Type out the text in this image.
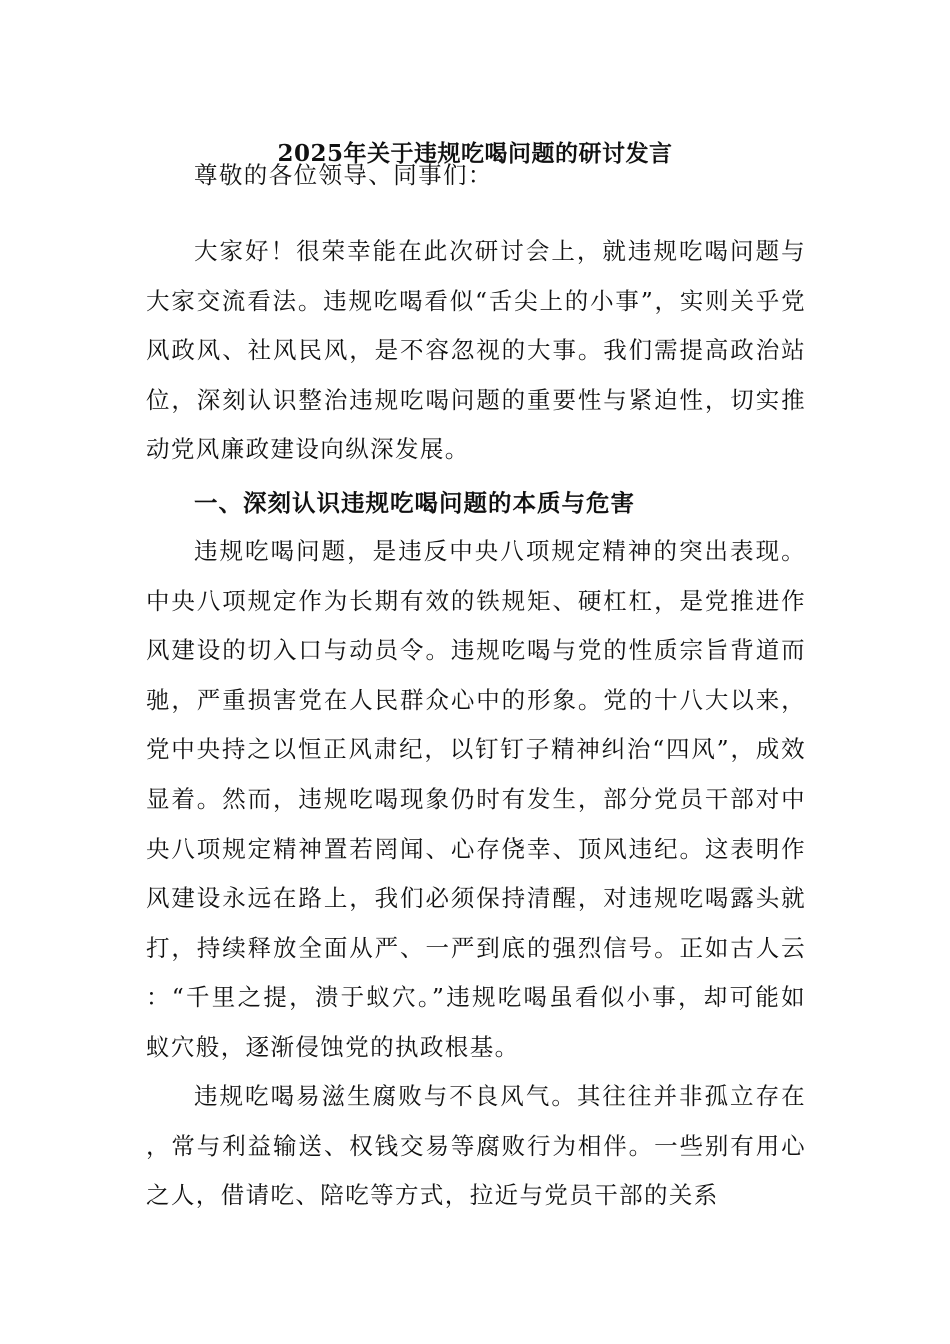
2025年关于违规吃喝问题的研讨发言

尊敬的各位领导、同事们：

大家好！很荣幸能在此次研讨会上，就违规吃喝问题与大家交流看法。违规吃喝看似“舌尖上的小事”，实则关乎党风政风、社风民风，是不容忽视的大事。我们需提高政治站位，深刻认识整治违规吃喝问题的重要性与紧迫性，切实推动党风廉政建设向纵深发展。

一、深刻认识违规吃喝问题的本质与危害

违规吃喝问题，是违反中央八项规定精神的突出表现。中央八项规定作为长期有效的铁规矩、硬杠杠，是党推进作风建设的切入口与动员令。违规吃喝与党的性质宗旨背道而驰，严重损害党在人民群众心中的形象。党的十八大以来，党中央持之以恒正风肃纪，以钉钉子精神纠治“四风”，成效显着。然而，违规吃喝现象仍时有发生，部分党员干部对中央八项规定精神置若罔闻、心存侥幸、顶风违纪。这表明作风建设永远在路上，我们必须保持清醒，对违规吃喝露头就打，持续释放全面从严、一严到底的强烈信号。正如古人云：“千里之提，溃于蚁穴。”违规吃喝虽看似小事，却可能如蚁穴般，逐渐侵蚀党的执政根基。

违规吃喝易滋生腐败与不良风气。其往往并非孤立存在，常与利益输送、权钱交易等腐败行为相伴。一些别有用心之人，借请吃、陪吃等方式，拉近与党员干部的关系
